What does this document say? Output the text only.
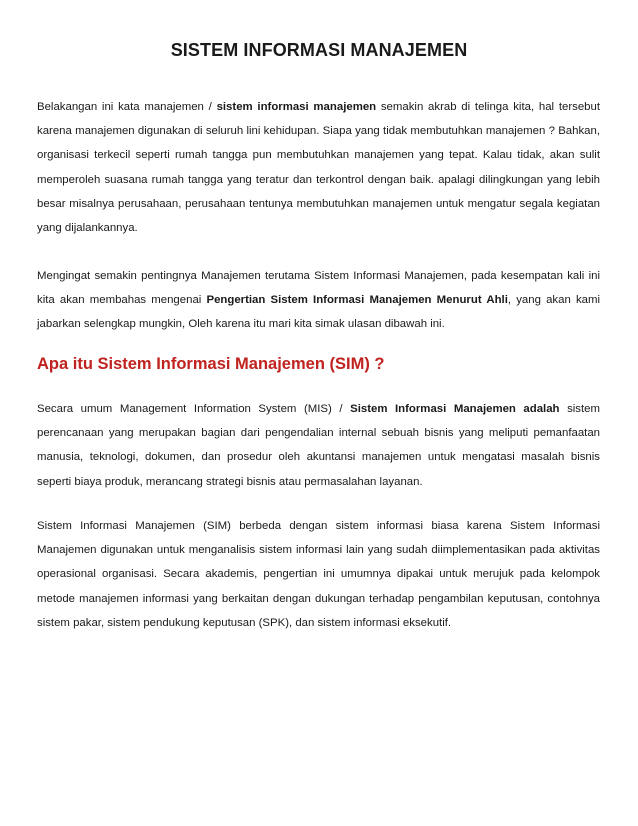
SISTEM INFORMASI MANAJEMEN

Belakangan ini kata manajemen / sistem informasi manajemen semakin akrab di telinga kita, hal tersebut karena manajemen digunakan di seluruh lini kehidupan. Siapa yang tidak membutuhkan manajemen ? Bahkan, organisasi terkecil seperti rumah tangga pun membutuhkan manajemen yang tepat. Kalau tidak, akan sulit memperoleh suasana rumah tangga yang teratur dan terkontrol dengan baik. apalagi dilingkungan yang lebih besar misalnya perusahaan, perusahaan tentunya membutuhkan manajemen untuk mengatur segala kegiatan yang dijalankannya.

Mengingat semakin pentingnya Manajemen terutama Sistem Informasi Manajemen, pada kesempatan kali ini kita akan membahas mengenai Pengertian Sistem Informasi Manajemen Menurut Ahli, yang akan kami jabarkan selengkap mungkin, Oleh karena itu mari kita simak ulasan dibawah ini.

Apa itu Sistem Informasi Manajemen (SIM) ?

Secara umum Management Information System (MIS) / Sistem Informasi Manajemen adalah sistem perencanaan yang merupakan bagian dari pengendalian internal sebuah bisnis yang meliputi pemanfaatan manusia, teknologi, dokumen, dan prosedur oleh akuntansi manajemen untuk mengatasi masalah bisnis seperti biaya produk, merancang strategi bisnis atau permasalahan layanan.

Sistem Informasi Manajemen (SIM) berbeda dengan sistem informasi biasa karena Sistem Informasi Manajemen digunakan untuk menganalisis sistem informasi lain yang sudah diimplementasikan pada aktivitas operasional organisasi. Secara akademis, pengertian ini umumnya dipakai untuk merujuk pada kelompok metode manajemen informasi yang berkaitan dengan dukungan terhadap pengambilan keputusan, contohnya sistem pakar, sistem pendukung keputusan (SPK), dan sistem informasi eksekutif.
